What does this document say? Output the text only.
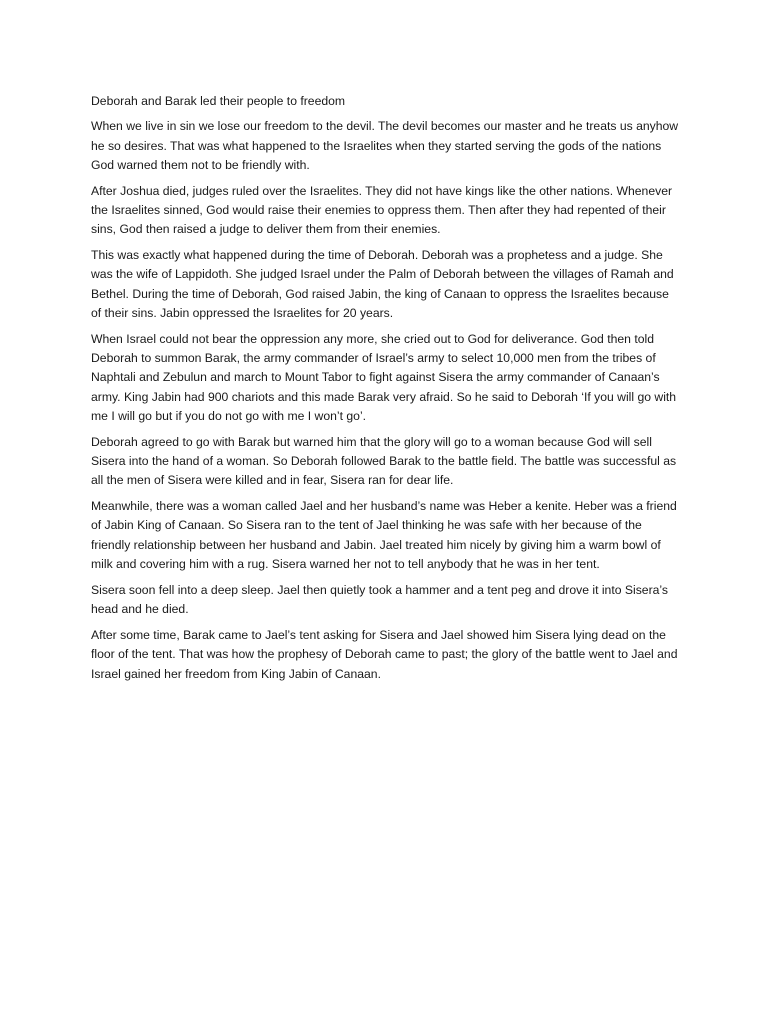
Deborah and Barak led their people to freedom

When we live in sin we lose our freedom to the devil. The devil becomes our master and he treats us anyhow he so desires. That was what happened to the Israelites when they started serving the gods of the nations God warned them not to be friendly with.

After Joshua died, judges ruled over the Israelites. They did not have kings like the other nations. Whenever the Israelites sinned, God would raise their enemies to oppress them. Then after they had repented of their sins, God then raised a judge to deliver them from their enemies.

This was exactly what happened during the time of Deborah. Deborah was a prophetess and a judge. She was the wife of Lappidoth. She judged Israel under the Palm of Deborah between the villages of Ramah and Bethel. During the time of Deborah, God raised Jabin, the king of Canaan to oppress the Israelites because of their sins. Jabin oppressed the Israelites for 20 years.

When Israel could not bear the oppression any more, she cried out to God for deliverance. God then told Deborah to summon Barak, the army commander of Israel’s army to select 10,000 men from the tribes of Naphtali and Zebulun and march to Mount Tabor to fight against Sisera the army commander of Canaan’s army. King Jabin had 900 chariots and this made Barak very afraid. So he said to Deborah ‘If you will go with me I will go but if you do not go with me I won’t go’.

Deborah agreed to go with Barak but warned him that the glory will go to a woman because God will sell Sisera into the hand of a woman. So Deborah followed Barak to the battle field. The battle was successful as all the men of Sisera were killed and in fear, Sisera ran for dear life.

Meanwhile, there was a woman called Jael and her husband’s name was Heber a kenite. Heber was a friend of Jabin King of Canaan. So Sisera ran to the tent of Jael thinking he was safe with her because of the friendly relationship between her husband and Jabin. Jael treated him nicely by giving him a warm bowl of milk and covering him with a rug. Sisera warned her not to tell anybody that he was in her tent.

Sisera soon fell into a deep sleep. Jael then quietly took a hammer and a tent peg and drove it into Sisera’s head and he died.

After some time, Barak came to Jael’s tent asking for Sisera and Jael showed him Sisera lying dead on the floor of the tent. That was how the prophesy of Deborah came to past; the glory of the battle went to Jael and Israel gained her freedom from King Jabin of Canaan.
